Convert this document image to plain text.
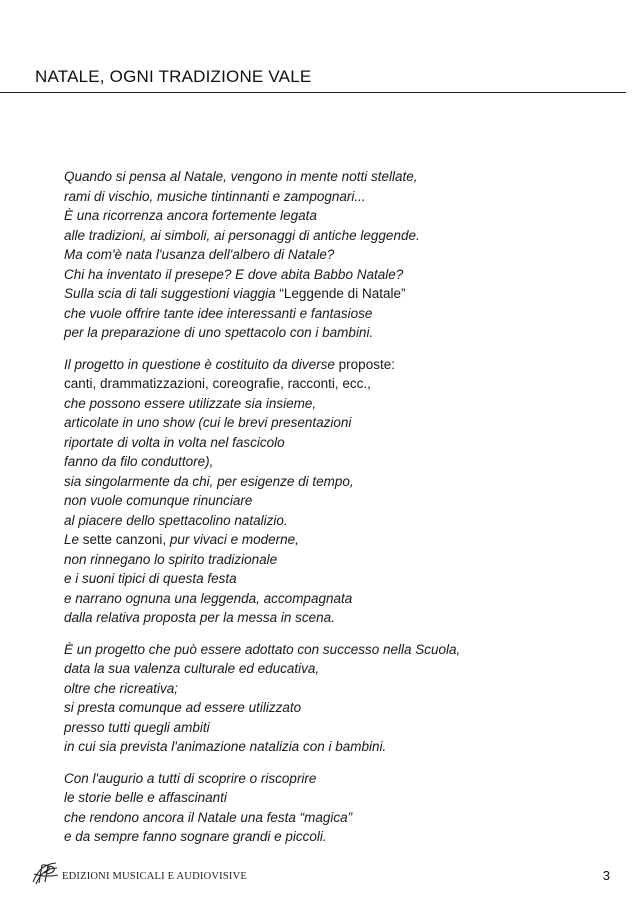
NATALE, OGNI TRADIZIONE VALE

Quando si pensa al Natale, vengono in mente notti stellate,
rami di vischio, musiche tintinnanti e zampognari...
È una ricorrenza ancora fortemente legata
alle tradizioni, ai simboli, ai personaggi di antiche leggende.
Ma com'è nata l'usanza dell'albero di Natale?
Chi ha inventato il presepe? E dove abita Babbo Natale?
Sulla scia di tali suggestioni viaggia “Leggende di Natale”
che vuole offrire tante idee interessanti e fantasiose
per la preparazione di uno spettacolo con i bambini.

Il progetto in questione è costituito da diverse proposte:
canti, drammatizzazioni, coreografie, racconti, ecc.,
che possono essere utilizzate sia insieme,
articolate in uno show (cui le brevi presentazioni
riportate di volta in volta nel fascicolo
fanno da filo conduttore),
sia singolarmente da chi, per esigenze di tempo,
non vuole comunque rinunciare
al piacere dello spettacolino natalizio.
Le sette canzoni, pur vivaci e moderne,
non rinnegano lo spirito tradizionale
e i suoni tipici di questa festa
e narrano ognuna una leggenda, accompagnata
dalla relativa proposta per la messa in scena.

È un progetto che può essere adottato con successo nella Scuola,
data la sua valenza culturale ed educativa,
oltre che ricreativa;
si presta comunque ad essere utilizzato
presso tutti quegli ambiti
in cui sia prevista l'animazione natalizia con i bambini.

Con l'augurio a tutti di scoprire o riscoprire
le storie belle e affascinanti
che rendono ancora il Natale una festa “magica”
e da sempre fanno sognare grandi e piccoli.

EDIZIONI MUSICALI E AUDIOVISIVE	3
